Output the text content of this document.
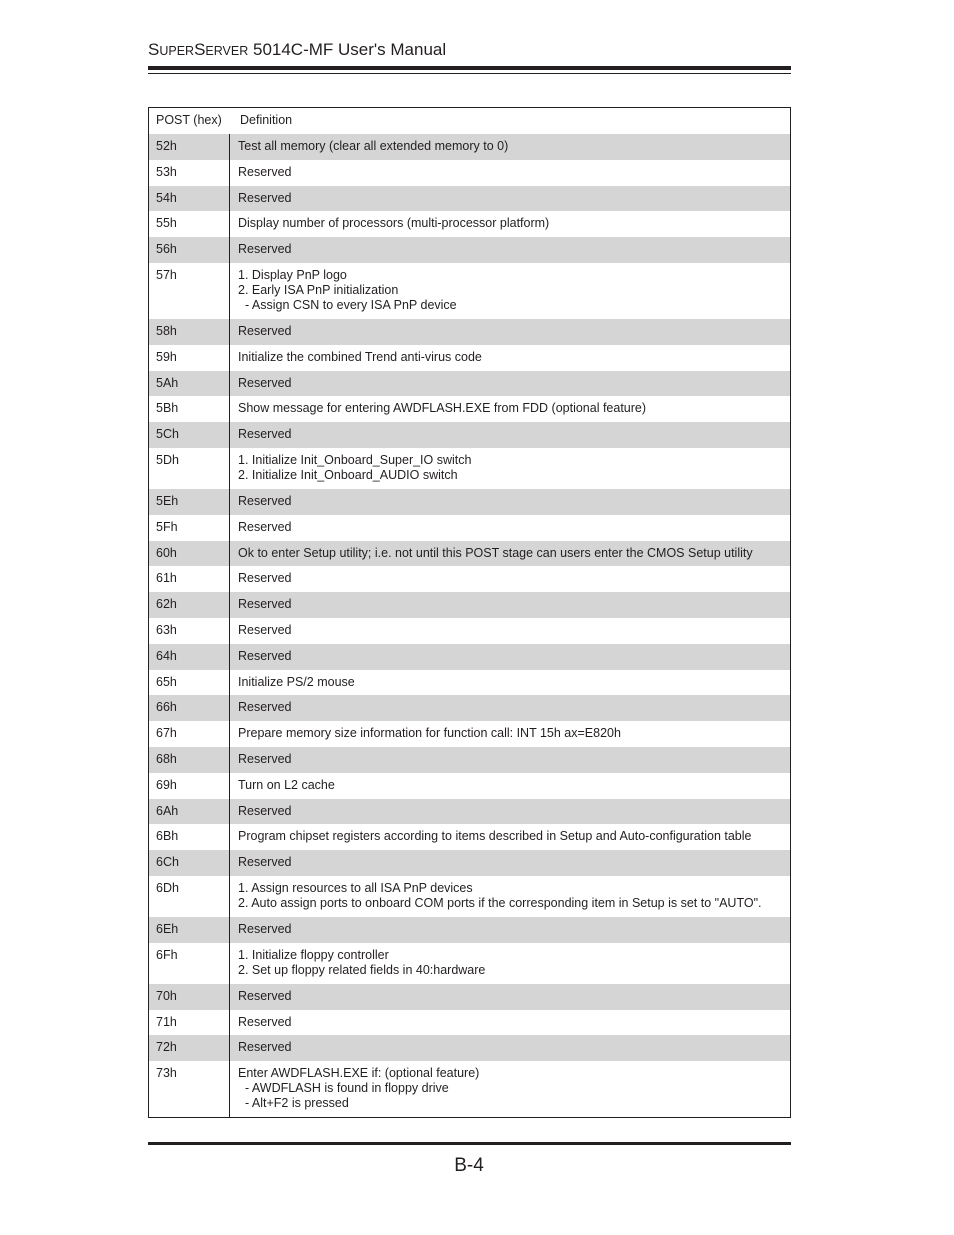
SUPERSERVER 5014C-MF User's Manual
POST (hex)	Definition
52h	Test all memory (clear all extended memory to 0)
53h	Reserved
54h	Reserved
55h	Display number of processors (multi-processor platform)
56h	Reserved
57h	1. Display PnP logo
2. Early ISA PnP initialization
- Assign CSN to every ISA PnP device
58h	Reserved
59h	Initialize the combined Trend anti-virus code
5Ah	Reserved
5Bh	Show message for entering AWDFLASH.EXE from FDD (optional feature)
5Ch	Reserved
5Dh	1. Initialize Init_Onboard_Super_IO switch
2. Initialize Init_Onboard_AUDIO switch
5Eh	Reserved
5Fh	Reserved
60h	Ok to enter Setup utility; i.e. not until this POST stage can users enter the CMOS Setup utility
61h	Reserved
62h	Reserved
63h	Reserved
64h	Reserved
65h	Initialize PS/2 mouse
66h	Reserved
67h	Prepare memory size information for function call: INT 15h ax=E820h
68h	Reserved
69h	Turn on L2 cache
6Ah	Reserved
6Bh	Program chipset registers according to items described in Setup and Auto-configuration table
6Ch	Reserved
6Dh	1. Assign resources to all ISA PnP devices
2. Auto assign ports to onboard COM ports if the corresponding item in Setup is set to "AUTO".
6Eh	Reserved
6Fh	1. Initialize floppy controller
2. Set up floppy related fields in 40:hardware
70h	Reserved
71h	Reserved
72h	Reserved
73h	Enter AWDFLASH.EXE if: (optional feature)
- AWDFLASH is found in floppy drive
- Alt+F2 is pressed
B-4
